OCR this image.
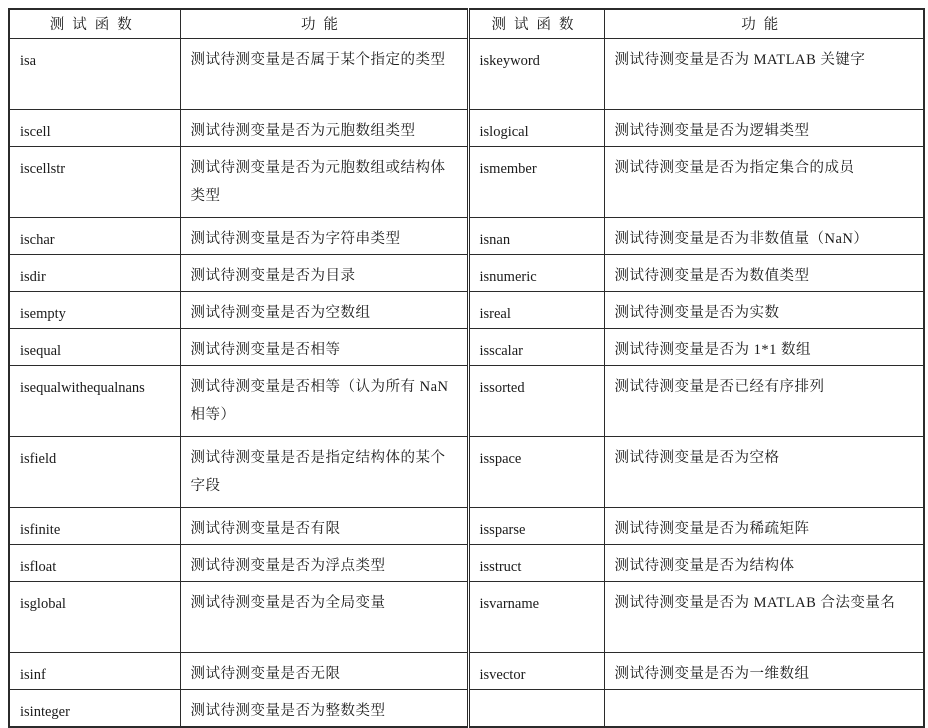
测试函数	功能	测试函数	功能
isa	测试待测变量是否属于某个指定的类型	iskeyword	测试待测变量是否为 MATLAB 关键字
iscell	测试待测变量是否为元胞数组类型	islogical	测试待测变量是否为逻辑类型
iscellstr	测试待测变量是否为元胞数组或结构体类型	ismember	测试待测变量是否为指定集合的成员
ischar	测试待测变量是否为字符串类型	isnan	测试待测变量是否为非数值量（NaN）
isdir	测试待测变量是否为目录	isnumeric	测试待测变量是否为数值类型
isempty	测试待测变量是否为空数组	isreal	测试待测变量是否为实数
isequal	测试待测变量是否相等	isscalar	测试待测变量是否为 1*1 数组
isequalwithequalnans	测试待测变量是否相等（认为所有 NaN 相等）	issorted	测试待测变量是否已经有序排列
isfield	测试待测变量是否是指定结构体的某个字段	isspace	测试待测变量是否为空格
isfinite	测试待测变量是否有限	issparse	测试待测变量是否为稀疏矩阵
isfloat	测试待测变量是否为浮点类型	isstruct	测试待测变量是否为结构体
isglobal	测试待测变量是否为全局变量	isvarname	测试待测变量是否为 MATLAB 合法变量名
isinf	测试待测变量是否无限	isvector	测试待测变量是否为一维数组
isinteger	测试待测变量是否为整数类型		
